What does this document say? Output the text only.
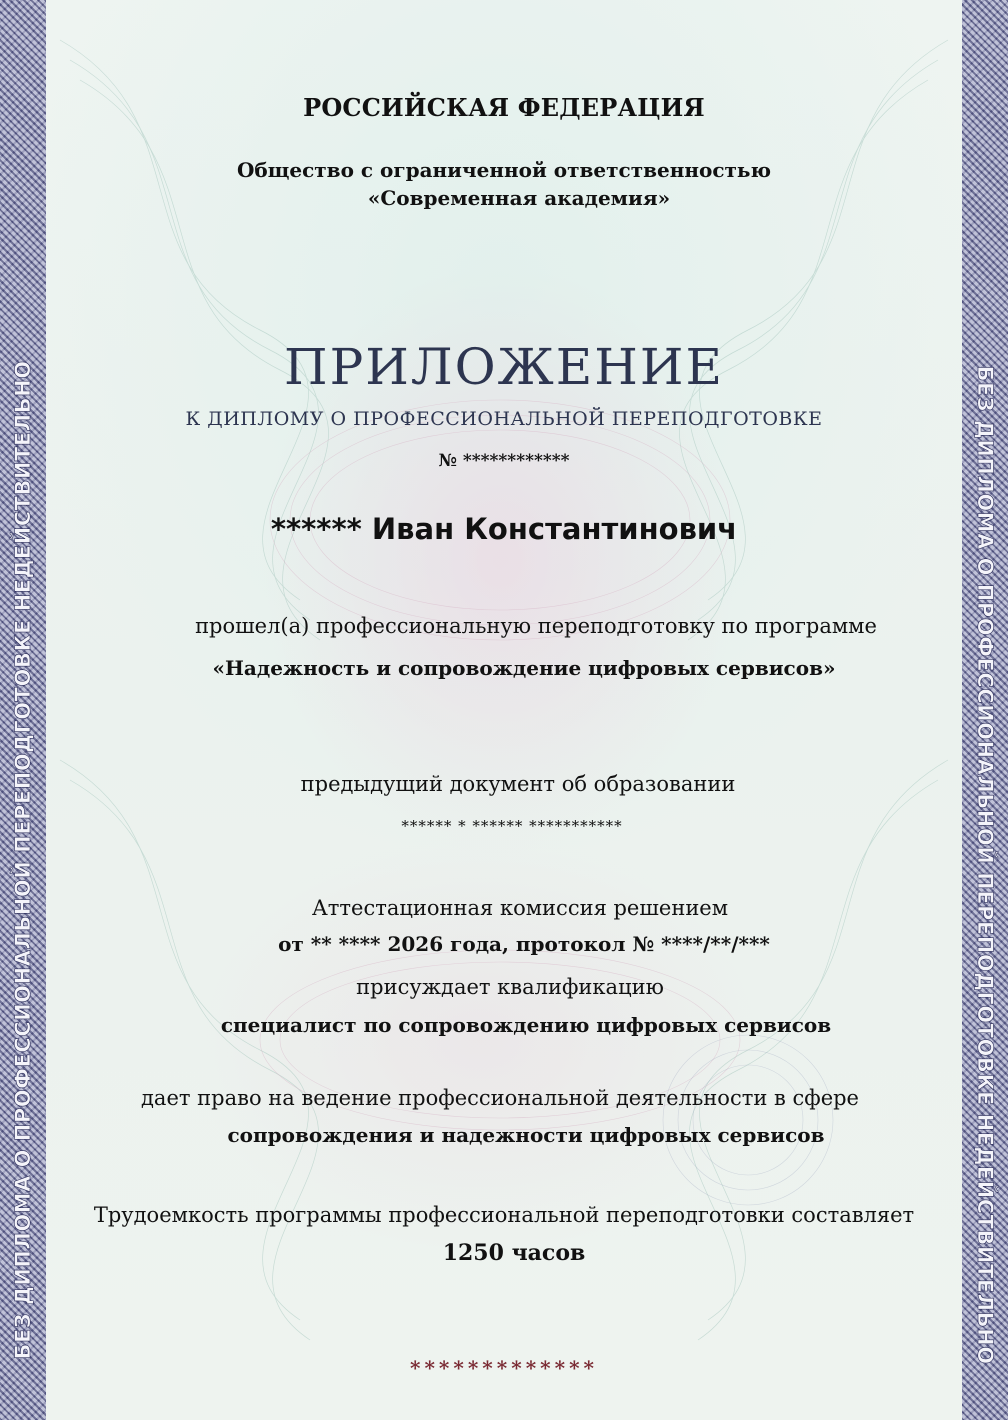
БЕЗ ДИПЛОМА О ПРОФЕССИОНАЛЬНОЙ ПЕРЕПОДГОТОВКЕ НЕДЕЙСТВИТЕЛЬНО	БЕЗ ДИПЛОМА О ПРОФЕССИОНАЛЬНОЙ ПЕРЕПОДГОТОВКЕ НЕДЕЙСТВИТЕЛЬНО
РОССИЙСКАЯ ФЕДЕРАЦИЯ
Общество с ограниченной ответственностью
«Современная академия»
ПРИЛОЖЕНИЕ
К ДИПЛОМУ О ПРОФЕССИОНАЛЬНОЙ ПЕРЕПОДГОТОВКЕ
№ ************
****** Иван Константинович
прошел(а) профессиональную переподготовку по программе
«Надежность и сопровождение цифровых сервисов»
предыдущий документ об образовании
****** * ****** ***********
Аттестационная комиссия решением
от ** **** 2026 года, протокол № ****/**/***
присуждает квалификацию
специалист по сопровождению цифровых сервисов
дает право на ведение профессиональной деятельности в сфере
сопровождения и надежности цифровых сервисов
Трудоемкость программы профессиональной переподготовки составляет
1250 часов
*************
